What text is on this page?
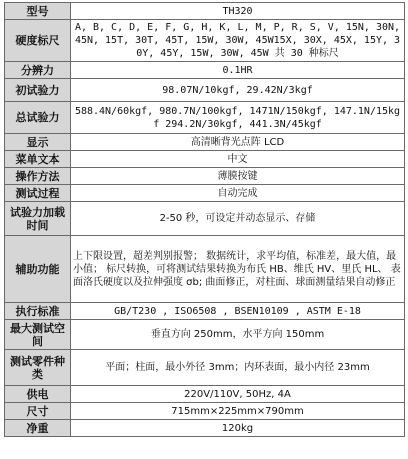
型号	TH320
硬度标尺	A, B, C, D, E, F, G, H, K, L, M, P, R, S, V, 15N, 30N, 45N, 15T, 30T, 45T, 15W, 30W, 45W15X, 30X, 45X, 15Y, 30Y, 45Y, 15W, 30W, 45W 共 30 种标尺
分辨力	0.1HR
初试验力	98.07N/10kgf, 29.42N/3kgf
总试验力	588.4N/60kgf, 980.7N/100kgf, 1471N/150kgf, 147.1N/15kgf 294.2N/30kgf, 441.3N/45kgf
显示	高清晰背光点阵 LCD
菜单文本	中文
操作方法	薄膜按键
测试过程	自动完成
试验力加载时间	2-50 秒，可设定并动态显示、存储
辅助功能	上下限设置，超差判别报警； 数据统计，求平均值，标准差，最大值，最小值； 标尺转换，可将测试结果转换为布氏 HB、维氏 HV、里氏 HL、 表面洛氏硬度以及拉伸强度 σb; 曲面修正，对柱面、球面测量结果自动修正
执行标准	GB/T230 , ISO6508 , BSEN10109 , ASTM E-18
最大测试空间	垂直方向 250mm，水平方向 150mm
测试零件种类	平面；柱面，最小外径 3mm；内环表面，最小内径 23mm
供电	220V/110V, 50Hz, 4A
尺寸	715mm×225mm×790mm
净重	120kg
